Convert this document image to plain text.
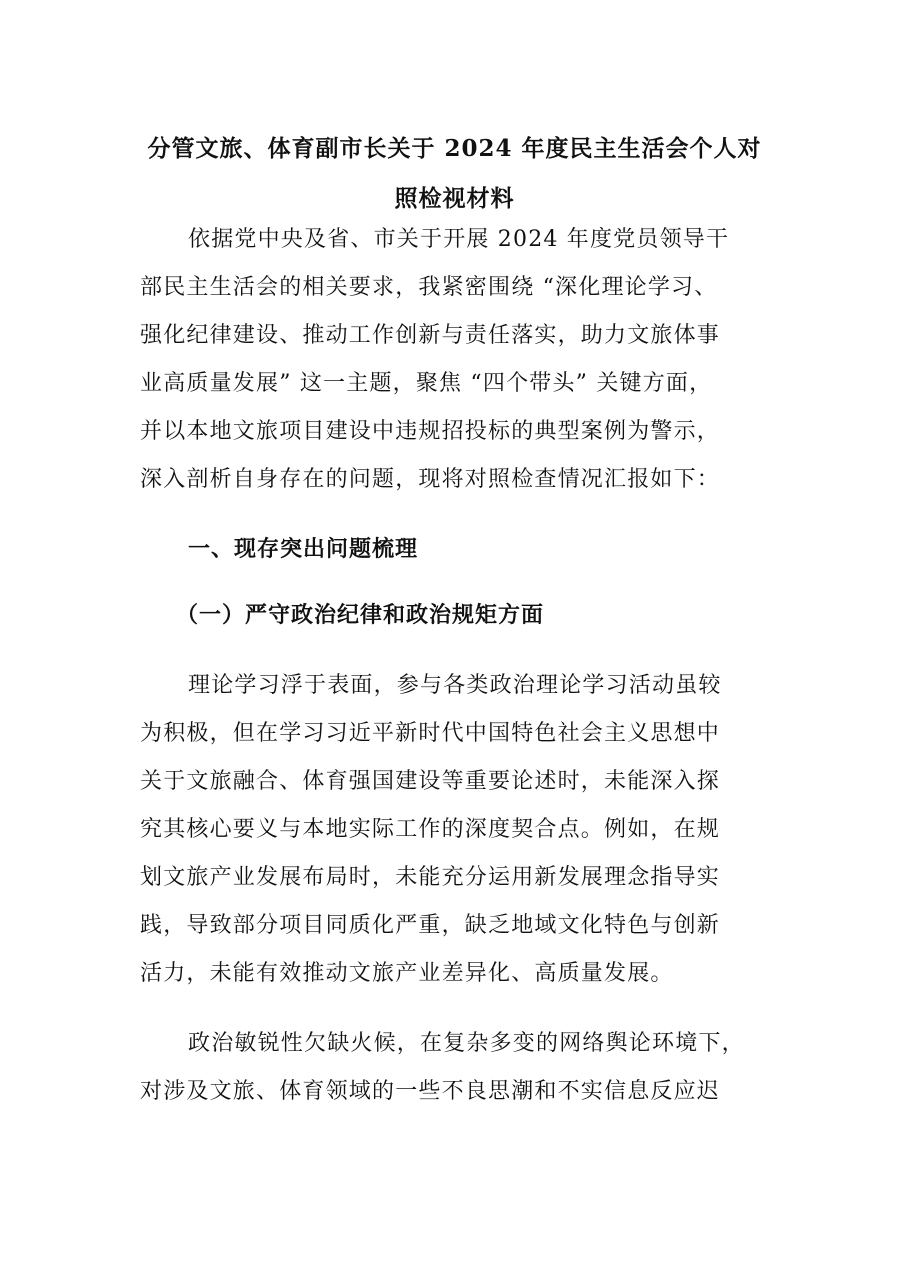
分管文旅、体育副市长关于 2024 年度民主生活会个人对
照检视材料
依据党中央及省、市关于开展 2024 年度党员领导干
部民主生活会的相关要求，我紧密围绕 “深化理论学习、
强化纪律建设、推动工作创新与责任落实，助力文旅体事
业高质量发展” 这一主题，聚焦 “四个带头” 关键方面，
并以本地文旅项目建设中违规招投标的典型案例为警示，
深入剖析自身存在的问题，现将对照检查情况汇报如下：
一、现存突出问题梳理
（一）严守政治纪律和政治规矩方面
理论学习浮于表面，参与各类政治理论学习活动虽较
为积极，但在学习习近平新时代中国特色社会主义思想中
关于文旅融合、体育强国建设等重要论述时，未能深入探
究其核心要义与本地实际工作的深度契合点。例如，在规
划文旅产业发展布局时，未能充分运用新发展理念指导实
践，导致部分项目同质化严重，缺乏地域文化特色与创新
活力，未能有效推动文旅产业差异化、高质量发展。
政治敏锐性欠缺火候，在复杂多变的网络舆论环境下，
对涉及文旅、体育领域的一些不良思潮和不实信息反应迟
